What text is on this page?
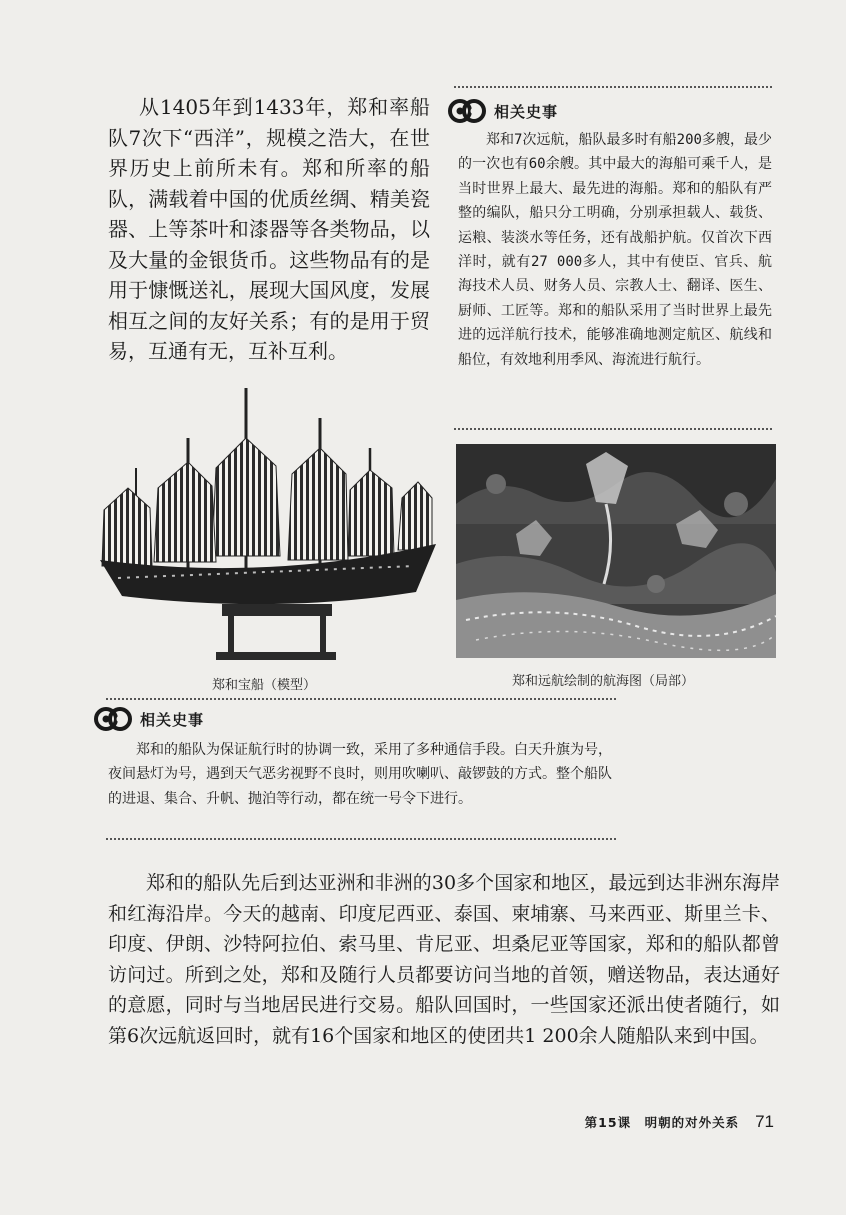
从1405年到1433年，郑和率船队7次下“西洋”，规模之浩大，在世界历史上前所未有。郑和所率的船队，满载着中国的优质丝绸、精美瓷器、上等茶叶和漆器等各类物品，以及大量的金银货币。这些物品有的是用于慷慨送礼，展现大国风度，发展相互之间的友好关系；有的是用于贸易，互通有无，互补互利。

相关史事

郑和7次远航，船队最多时有船200多艘，最少的一次也有60余艘。其中最大的海船可乘千人，是当时世界上最大、最先进的海船。郑和的船队有严整的编队，船只分工明确，分别承担载人、载货、运粮、装淡水等任务，还有战船护航。仅首次下西洋时，就有27 000多人，其中有使臣、官兵、航海技术人员、财务人员、宗教人士、翻译、医生、厨师、工匠等。郑和的船队采用了当时世界上最先进的远洋航行技术，能够准确地测定航区、航线和船位，有效地利用季风、海流进行航行。

郑和宝船（模型）	郑和远航绘制的航海图（局部）
相关史事

郑和的船队为保证航行时的协调一致，采用了多种通信手段。白天升旗为号，夜间悬灯为号，遇到天气恶劣视野不良时，则用吹喇叭、敲锣鼓的方式。整个船队的进退、集合、升帆、抛泊等行动，都在统一号令下进行。

郑和的船队先后到达亚洲和非洲的30多个国家和地区，最远到达非洲东海岸和红海沿岸。今天的越南、印度尼西亚、泰国、柬埔寨、马来西亚、斯里兰卡、印度、伊朗、沙特阿拉伯、索马里、肯尼亚、坦桑尼亚等国家，郑和的船队都曾访问过。所到之处，郑和及随行人员都要访问当地的首领，赠送物品，表达通好的意愿，同时与当地居民进行交易。船队回国时，一些国家还派出使者随行，如第6次远航返回时，就有16个国家和地区的使团共1 200余人随船队来到中国。

第15课　明朝的对外关系 71
